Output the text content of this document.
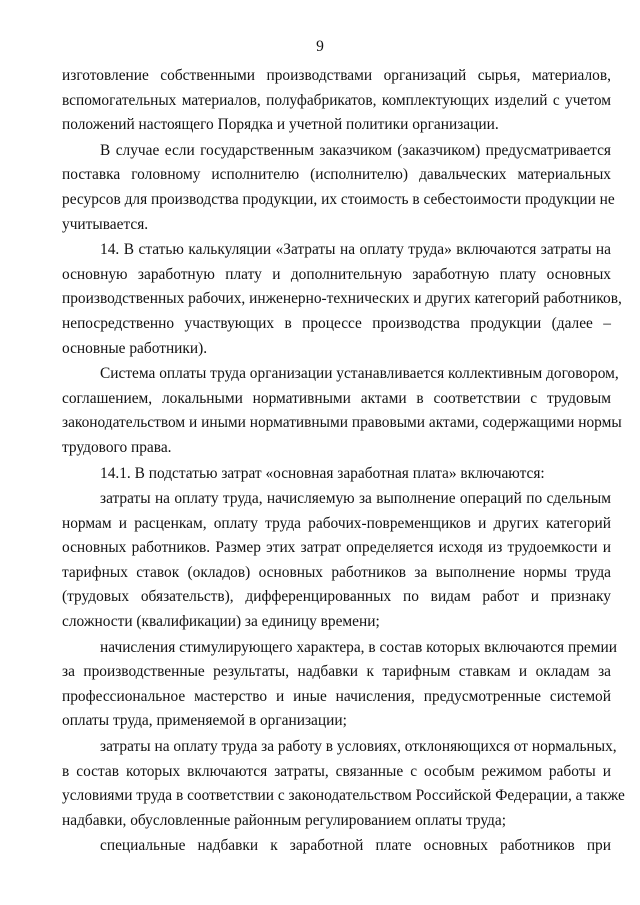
9
изготовление собственными производствами организаций сырья, материалов,
вспомогательных материалов, полуфабрикатов, комплектующих изделий с учетом
положений настоящего Порядка и учетной политики организации.
В случае если государственным заказчиком (заказчиком) предусматривается
поставка головному исполнителю (исполнителю) давальческих материальных
ресурсов для производства продукции, их стоимость в себестоимости продукции не
учитывается.
14. В статью калькуляции «Затраты на оплату труда» включаются затраты на
основную заработную плату и дополнительную заработную плату основных
производственных рабочих, инженерно-технических и других категорий работников,
непосредственно участвующих в процессе производства продукции (далее –
основные работники).
Система оплаты труда организации устанавливается коллективным договором,
соглашением, локальными нормативными актами в соответствии с трудовым
законодательством и иными нормативными правовыми актами, содержащими нормы
трудового права.
14.1. В подстатью затрат «основная заработная плата» включаются:
затраты на оплату труда, начисляемую за выполнение операций по сдельным
нормам и расценкам, оплату труда рабочих-повременщиков и других категорий
основных работников. Размер этих затрат определяется исходя из трудоемкости и
тарифных ставок (окладов) основных работников за выполнение нормы труда
(трудовых обязательств), дифференцированных по видам работ и признаку
сложности (квалификации) за единицу времени;
начисления стимулирующего характера, в состав которых включаются премии
за производственные результаты, надбавки к тарифным ставкам и окладам за
профессиональное мастерство и иные начисления, предусмотренные системой
оплаты труда, применяемой в организации;
затраты на оплату труда за работу в условиях, отклоняющихся от нормальных,
в состав которых включаются затраты, связанные с особым режимом работы и
условиями труда в соответствии с законодательством Российской Федерации, а также
надбавки, обусловленные районным регулированием оплаты труда;
специальные надбавки к заработной плате основных работников при
